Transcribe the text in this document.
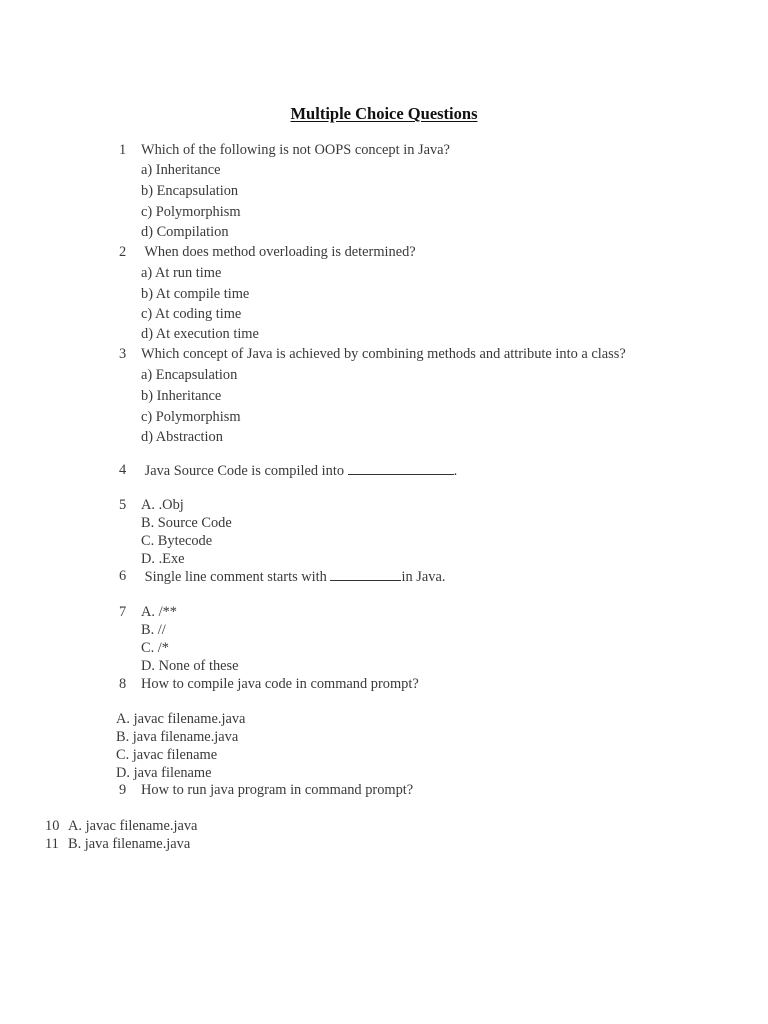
Multiple Choice Questions
1 Which of the following is not OOPS concept in Java?
a) Inheritance
b) Encapsulation
c) Polymorphism
d) Compilation
2 When does method overloading is determined?
a) At run time
b) At compile time
c) At coding time
d) At execution time
3 Which concept of Java is achieved by combining methods and attribute into a class?
a) Encapsulation
b) Inheritance
c) Polymorphism
d) Abstraction
4 Java Source Code is compiled into	.
5 A. .Obj
B. Source Code
C. Bytecode
D. .Exe
6 Single line comment starts with	in Java.
7 A. /**
B. //
C. /*
D. None of these
8 How to compile java code in command prompt?
A. javac filename.java
B. java filename.java
C. javac filename
D. java filename
9 How to run java program in command prompt?
10 A. javac filename.java
11 B. java filename.java
